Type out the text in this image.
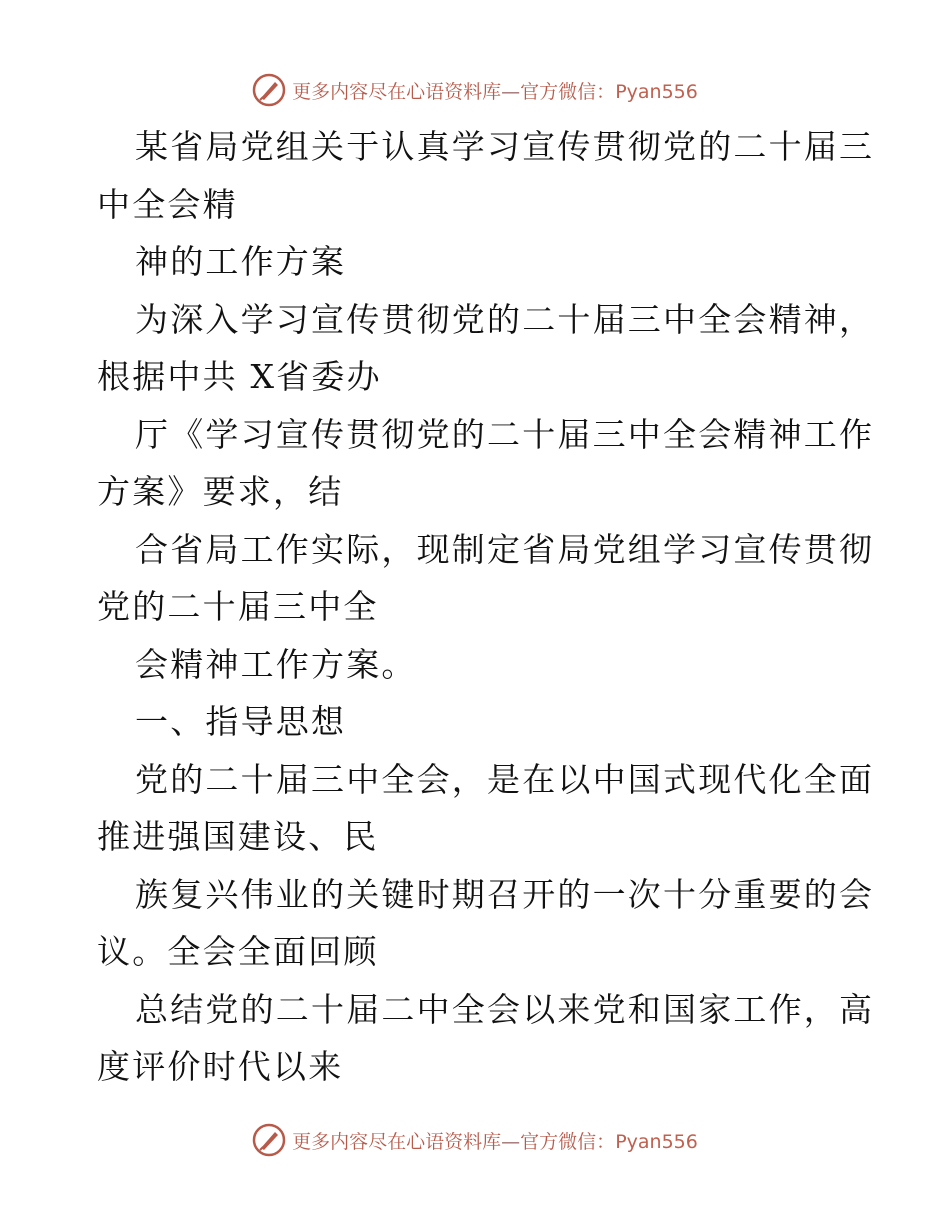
更多内容尽在心语资料库—官方微信：Pyan556
某省局党组关于认真学习宣传贯彻党的二十届三
中全会精
神的工作方案
为深入学习宣传贯彻党的二十届三中全会精神，
根据中共 X省委办
厅《学习宣传贯彻党的二十届三中全会精神工作
方案》要求，结
合省局工作实际，现制定省局党组学习宣传贯彻
党的二十届三中全
会精神工作方案。
一、指导思想
党的二十届三中全会，是在以中国式现代化全面
推进强国建设、民
族复兴伟业的关键时期召开的一次十分重要的会
议。全会全面回顾
总结党的二十届二中全会以来党和国家工作，高
度评价时代以来
更多内容尽在心语资料库—官方微信：Pyan556
